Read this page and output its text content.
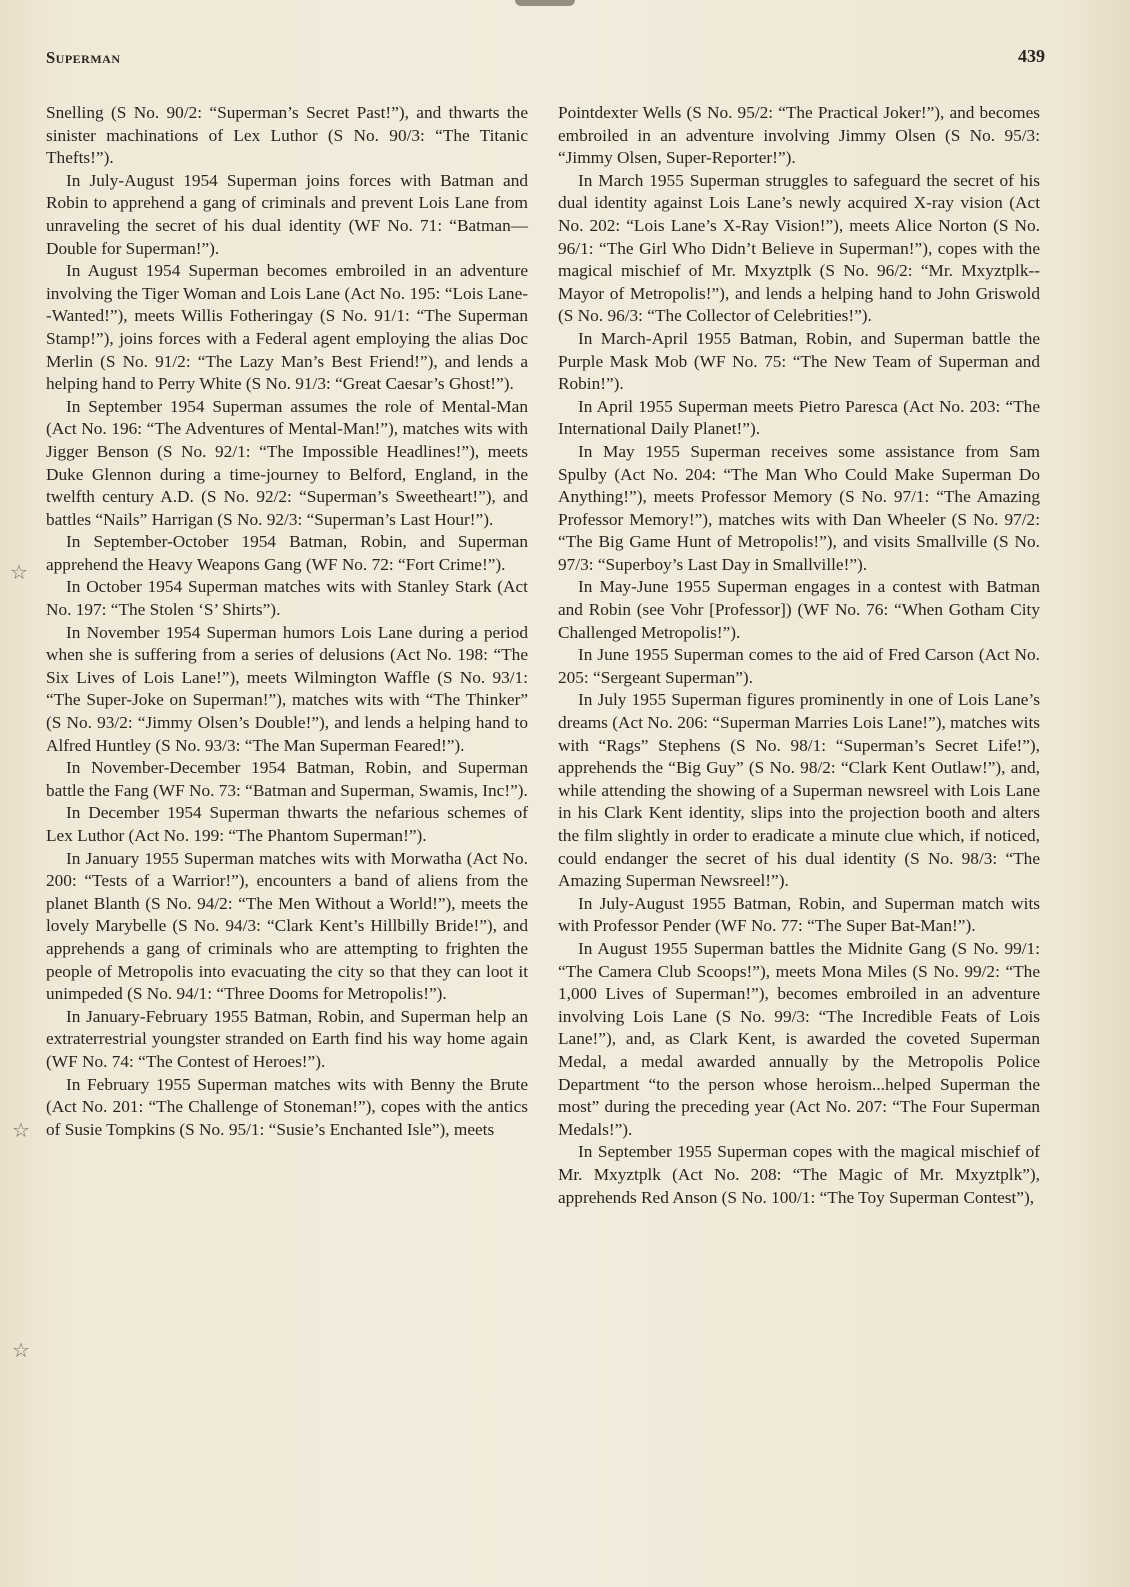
Superman	439
☆
☆
☆

Snelling (S No. 90/2: “Superman’s Secret Past!”), and thwarts the sinister machinations of Lex Luthor (S No. 90/3: “The Titanic Thefts!”).

In July-August 1954 Superman joins forces with Batman and Robin to apprehend a gang of criminals and prevent Lois Lane from unraveling the secret of his dual identity (WF No. 71: “Batman—Double for Superman!”).

In August 1954 Superman becomes embroiled in an adventure involving the Tiger Woman and Lois Lane (Act No. 195: “Lois Lane--Wanted!”), meets Willis Fotheringay (S No. 91/1: “The Superman Stamp!”), joins forces with a Federal agent employing the alias Doc Merlin (S No. 91/2: “The Lazy Man’s Best Friend!”), and lends a helping hand to Perry White (S No. 91/3: “Great Caesar’s Ghost!”).

In September 1954 Superman assumes the role of Mental-Man (Act No. 196: “The Adventures of Mental-Man!”), matches wits with Jigger Benson (S No. 92/1: “The Impossible Headlines!”), meets Duke Glennon during a time-journey to Belford, England, in the twelfth century A.D. (S No. 92/2: “Superman’s Sweetheart!”), and battles “Nails” Harrigan (S No. 92/3: “Superman’s Last Hour!”).

In September-October 1954 Batman, Robin, and Superman apprehend the Heavy Weapons Gang (WF No. 72: “Fort Crime!”).

In October 1954 Superman matches wits with Stanley Stark (Act No. 197: “The Stolen ‘S’ Shirts”).

In November 1954 Superman humors Lois Lane during a period when she is suffering from a series of delusions (Act No. 198: “The Six Lives of Lois Lane!”), meets Wilmington Waffle (S No. 93/1: “The Super-Joke on Superman!”), matches wits with “The Thinker” (S No. 93/2: “Jimmy Olsen’s Double!”), and lends a helping hand to Alfred Huntley (S No. 93/3: “The Man Superman Feared!”).

In November-December 1954 Batman, Robin, and Superman battle the Fang (WF No. 73: “Batman and Superman, Swamis, Inc!”).

In December 1954 Superman thwarts the nefarious schemes of Lex Luthor (Act No. 199: “The Phantom Superman!”).

In January 1955 Superman matches wits with Morwatha (Act No. 200: “Tests of a Warrior!”), encounters a band of aliens from the planet Blanth (S No. 94/2: “The Men Without a World!”), meets the lovely Marybelle (S No. 94/3: “Clark Kent’s Hillbilly Bride!”), and apprehends a gang of criminals who are attempting to frighten the people of Metropolis into evacuating the city so that they can loot it unimpeded (S No. 94/1: “Three Dooms for Metropolis!”).

In January-February 1955 Batman, Robin, and Superman help an extraterrestrial youngster stranded on Earth find his way home again (WF No. 74: “The Contest of Heroes!”).

In February 1955 Superman matches wits with Benny the Brute (Act No. 201: “The Challenge of Stoneman!”), copes with the antics of Susie Tompkins (S No. 95/1: “Susie’s Enchanted Isle”), meets

Pointdexter Wells (S No. 95/2: “The Practical Joker!”), and becomes embroiled in an adventure involving Jimmy Olsen (S No. 95/3: “Jimmy Olsen, Super-Reporter!”).

In March 1955 Superman struggles to safeguard the secret of his dual identity against Lois Lane’s newly acquired X-ray vision (Act No. 202: “Lois Lane’s X-Ray Vision!”), meets Alice Norton (S No. 96/1: “The Girl Who Didn’t Believe in Superman!”), copes with the magical mischief of Mr. Mxyztplk (S No. 96/2: “Mr. Mxyztplk--Mayor of Metropolis!”), and lends a helping hand to John Griswold (S No. 96/3: “The Collector of Celebrities!”).

In March-April 1955 Batman, Robin, and Superman battle the Purple Mask Mob (WF No. 75: “The New Team of Superman and Robin!”).

In April 1955 Superman meets Pietro Paresca (Act No. 203: “The International Daily Planet!”).

In May 1955 Superman receives some assistance from Sam Spulby (Act No. 204: “The Man Who Could Make Superman Do Anything!”), meets Professor Memory (S No. 97/1: “The Amazing Professor Memory!”), matches wits with Dan Wheeler (S No. 97/2: “The Big Game Hunt of Metropolis!”), and visits Smallville (S No. 97/3: “Superboy’s Last Day in Smallville!”).

In May-June 1955 Superman engages in a contest with Batman and Robin (see Vohr [Professor]) (WF No. 76: “When Gotham City Challenged Metropolis!”).

In June 1955 Superman comes to the aid of Fred Carson (Act No. 205: “Sergeant Superman”).

In July 1955 Superman figures prominently in one of Lois Lane’s dreams (Act No. 206: “Superman Marries Lois Lane!”), matches wits with “Rags” Stephens (S No. 98/1: “Superman’s Secret Life!”), apprehends the “Big Guy” (S No. 98/2: “Clark Kent Outlaw!”), and, while attending the showing of a Superman newsreel with Lois Lane in his Clark Kent identity, slips into the projection booth and alters the film slightly in order to eradicate a minute clue which, if noticed, could endanger the secret of his dual identity (S No. 98/3: “The Amazing Superman Newsreel!”).

In July-August 1955 Batman, Robin, and Superman match wits with Professor Pender (WF No. 77: “The Super Bat-Man!”).

In August 1955 Superman battles the Midnite Gang (S No. 99/1: “The Camera Club Scoops!”), meets Mona Miles (S No. 99/2: “The 1,000 Lives of Superman!”), becomes embroiled in an adventure involving Lois Lane (S No. 99/3: “The Incredible Feats of Lois Lane!”), and, as Clark Kent, is awarded the coveted Superman Medal, a medal awarded annually by the Metropolis Police Department “to the person whose heroism...helped Superman the most” during the preceding year (Act No. 207: “The Four Superman Medals!”).

In September 1955 Superman copes with the magical mischief of Mr. Mxyztplk (Act No. 208: “The Magic of Mr. Mxyztplk”), apprehends Red Anson (S No. 100/1: “The Toy Superman Contest”),
